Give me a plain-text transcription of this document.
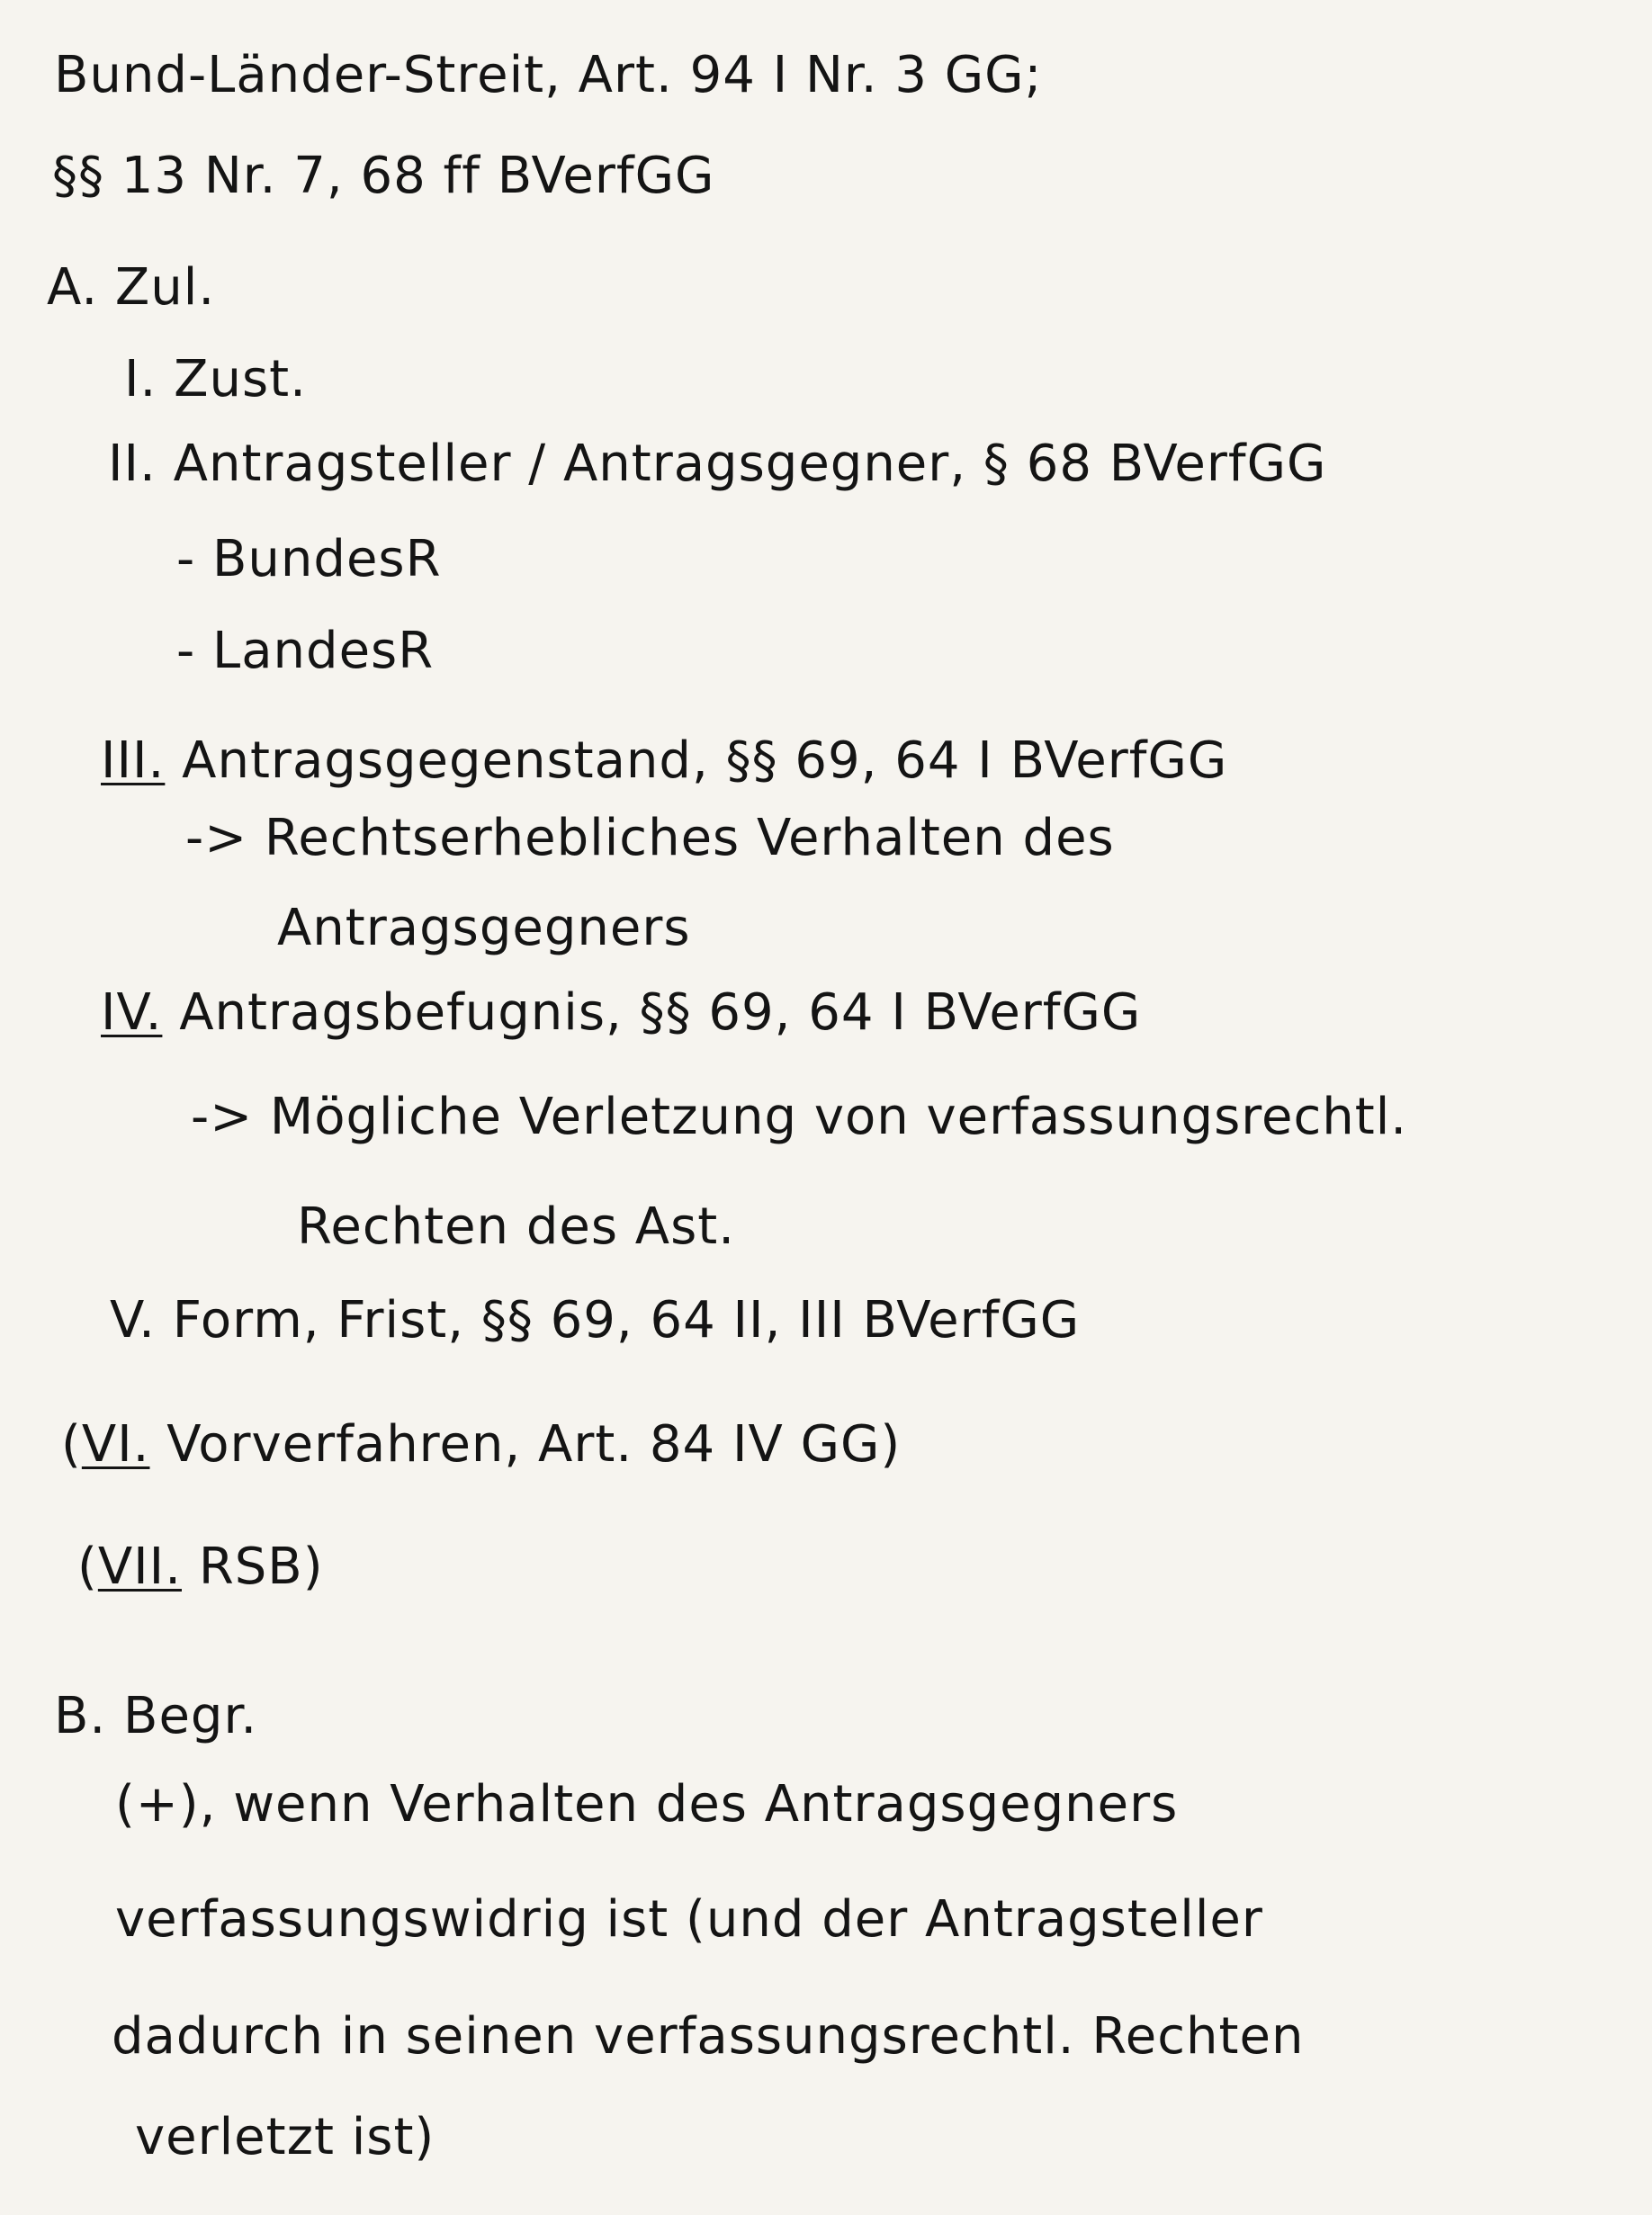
Bund-Länder-Streit, Art. 94 I Nr. 3 GG;
§§ 13 Nr. 7, 68 ff BVerfGG
A. Zul.
I. Zust.
II. Antragsteller / Antragsgegner, § 68 BVerfGG
- BundesR
- LandesR
III. Antragsgegenstand, §§ 69, 64 I BVerfGG
-> Rechtserhebliches Verhalten des
Antragsgegners
IV. Antragsbefugnis, §§ 69, 64 I BVerfGG
-> Mögliche Verletzung von verfassungsrechtl.
Rechten des Ast.
V. Form, Frist, §§ 69, 64 II, III BVerfGG
(VI. Vorverfahren, Art. 84 IV GG)
(VII. RSB)
B. Begr.
(+), wenn Verhalten des Antragsgegners
verfassungswidrig ist (und der Antragsteller
dadurch in seinen verfassungsrechtl. Rechten
verletzt ist)
